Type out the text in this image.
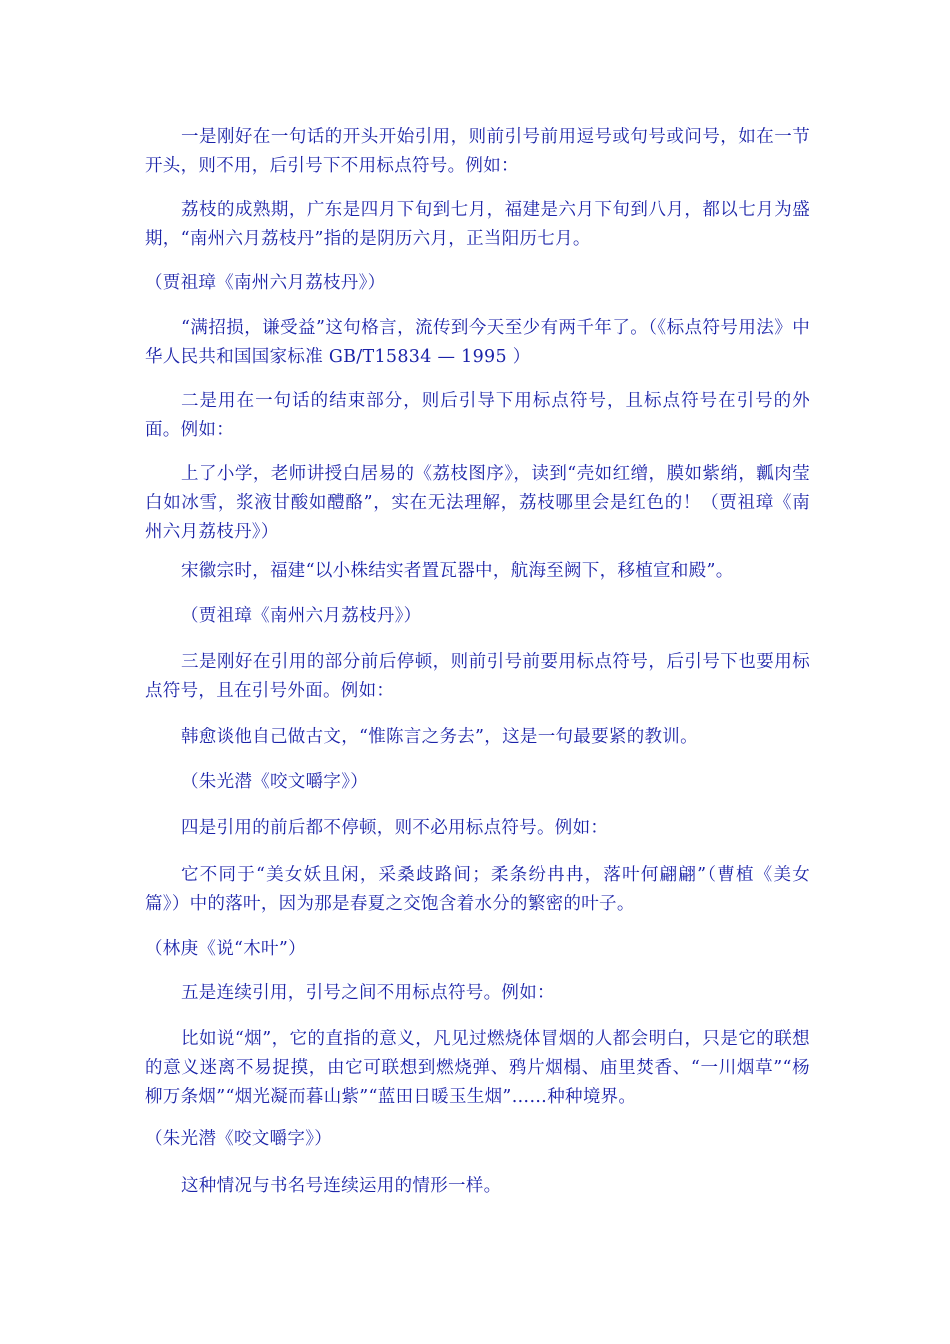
一是刚好在一句话的开头开始引用，则前引号前用逗号或句号或问号，如在一节开头，则不用，后引号下不用标点符号。例如：

荔枝的成熟期，广东是四月下旬到七月，福建是六月下旬到八月，都以七月为盛期，“南州六月荔枝丹”指的是阴历六月，正当阳历七月。

（贾祖璋《南州六月荔枝丹》）

“满招损，谦受益”这句格言，流传到今天至少有两千年了。（《标点符号用法》中华人民共和国国家标准 GB/T15834 — 1995 ）

二是用在一句话的结束部分，则后引导下用标点符号，且标点符号在引号的外面。例如：

上了小学，老师讲授白居易的《荔枝图序》，读到“壳如红缯，膜如紫绡，瓤肉莹白如冰雪，浆液甘酸如醴酪”，实在无法理解，荔枝哪里会是红色的！（贾祖璋《南州六月荔枝丹》）

宋徽宗时，福建“以小株结实者置瓦器中，航海至阙下，移植宣和殿”。

（贾祖璋《南州六月荔枝丹》）

三是刚好在引用的部分前后停顿，则前引号前要用标点符号，后引号下也要用标点符号，且在引号外面。例如：

韩愈谈他自己做古文，“惟陈言之务去”，这是一句最要紧的教训。

（朱光潜《咬文嚼字》）

四是引用的前后都不停顿，则不必用标点符号。例如：

它不同于“美女妖且闲，采桑歧路间；柔条纷冉冉，落叶何翩翩”（曹植《美女篇》）中的落叶，因为那是春夏之交饱含着水分的繁密的叶子。

（林庚《说“木叶”）

五是连续引用，引号之间不用标点符号。例如：

比如说“烟”，它的直指的意义，凡见过燃烧体冒烟的人都会明白，只是它的联想的意义迷离不易捉摸，由它可联想到燃烧弹、鸦片烟榻、庙里焚香、“一川烟草”“杨柳万条烟”“烟光凝而暮山紫”“蓝田日暖玉生烟”……种种境界。

（朱光潜《咬文嚼字》）

这种情况与书名号连续运用的情形一样。
